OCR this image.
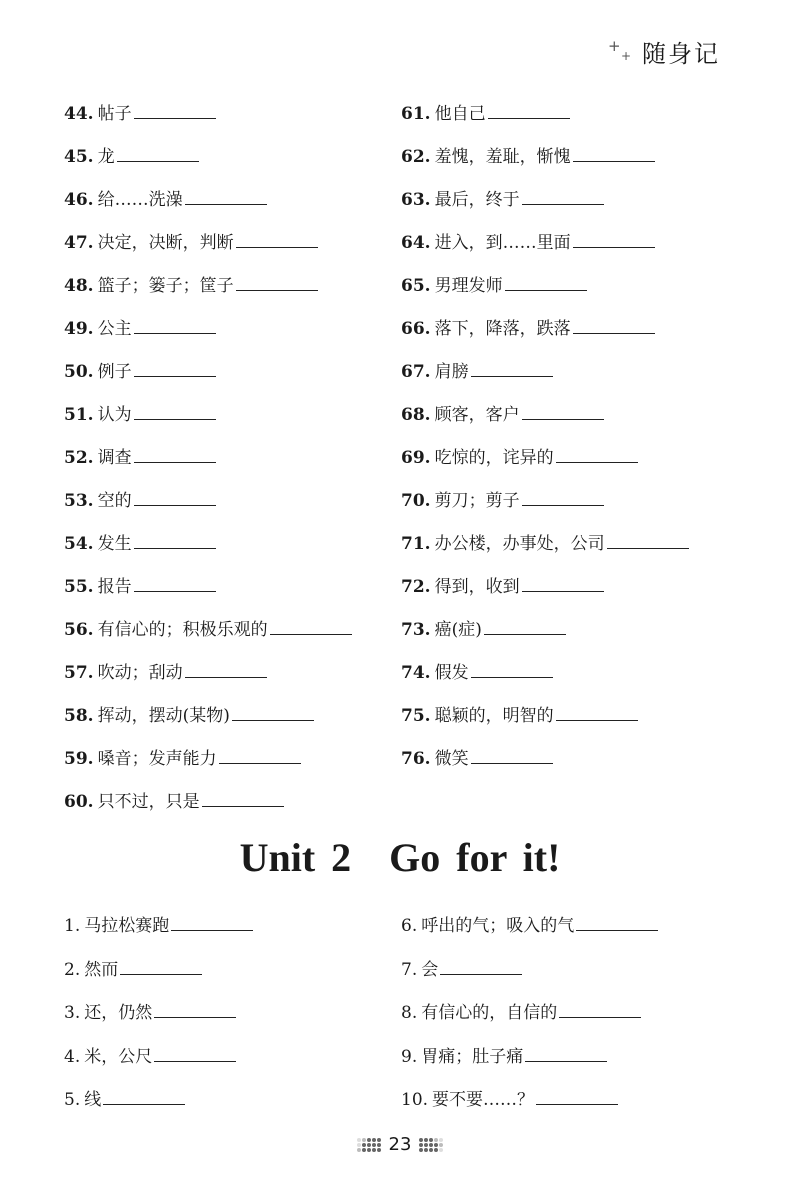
+
+ 随身记
44. 帖子	61. 他自己
45. 龙	62. 羞愧，羞耻，惭愧
46. 给……洗澡	63. 最后，终于
47. 决定，决断，判断	64. 进入，到……里面
48. 篮子；篓子；筐子	65. 男理发师
49. 公主	66. 落下，降落，跌落
50. 例子	67. 肩膀
51. 认为	68. 顾客，客户
52. 调查	69. 吃惊的，诧异的
53. 空的	70. 剪刀；剪子
54. 发生	71. 办公楼，办事处，公司
55. 报告	72. 得到，收到
56. 有信心的；积极乐观的	73. 癌(症)
57. 吹动；刮动	74. 假发
58. 挥动，摆动(某物)	75. 聪颖的，明智的
59. 嗓音；发声能力	76. 微笑
60. 只不过，只是
Unit 2 Go for it!
1. 马拉松赛跑	6. 呼出的气；吸入的气
2. 然而	7. 会
3. 还，仍然	8. 有信心的，自信的
4. 米，公尺	9. 胃痛；肚子痛
5. 线	10. 要不要……？
23
